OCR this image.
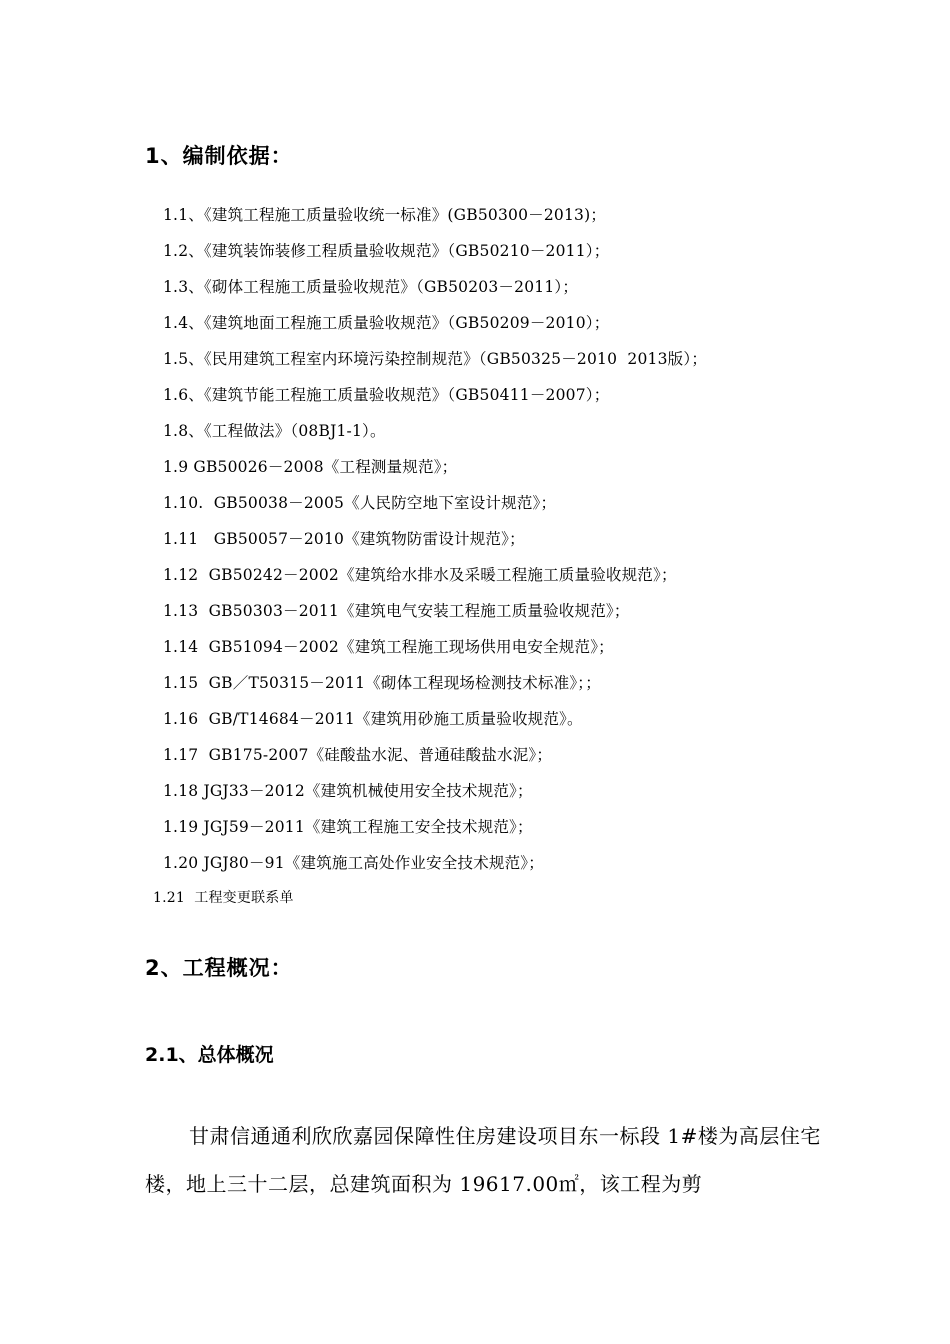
1、编制依据：
1.1、《建筑工程施工质量验收统一标准》(GB50300－2013)；
1.2、《建筑装饰装修工程质量验收规范》（GB50210－2011）；
1.3、《砌体工程施工质量验收规范》（GB50203－2011）；
1.4、《建筑地面工程施工质量验收规范》（GB50209－2010）；
1.5、《民用建筑工程室内环境污染控制规范》（GB50325－2010  2013版）；
1.6、《建筑节能工程施工质量验收规范》（GB50411－2007）；
1.8、《工程做法》（08BJ1-1）。
1.9 GB50026－2008《工程测量规范》；
1.10.  GB50038－2005《人民防空地下室设计规范》；
1.11   GB50057－2010《建筑物防雷设计规范》；
1.12  GB50242－2002《建筑给水排水及采暖工程施工质量验收规范》；
1.13  GB50303－2011《建筑电气安装工程施工质量验收规范》；
1.14  GB51094－2002《建筑工程施工现场供用电安全规范》；
1.15  GB／T50315－2011《砌体工程现场检测技术标准》；；
1.16  GB/T14684－2011《建筑用砂施工质量验收规范》。
1.17  GB175-2007《硅酸盐水泥、普通硅酸盐水泥》；
1.18 JGJ33－2012《建筑机械使用安全技术规范》；
1.19 JGJ59－2011《建筑工程施工安全技术规范》；
1.20 JGJ80－91《建筑施工高处作业安全技术规范》；
1.21  工程变更联系单
2、工程概况：
2.1、总体概况
甘肃信通通利欣欣嘉园保障性住房建设项目东一标段 1#楼为高层住宅楼，地上三十二层，总建筑面积为 19617.00㎡，该工程为剪
